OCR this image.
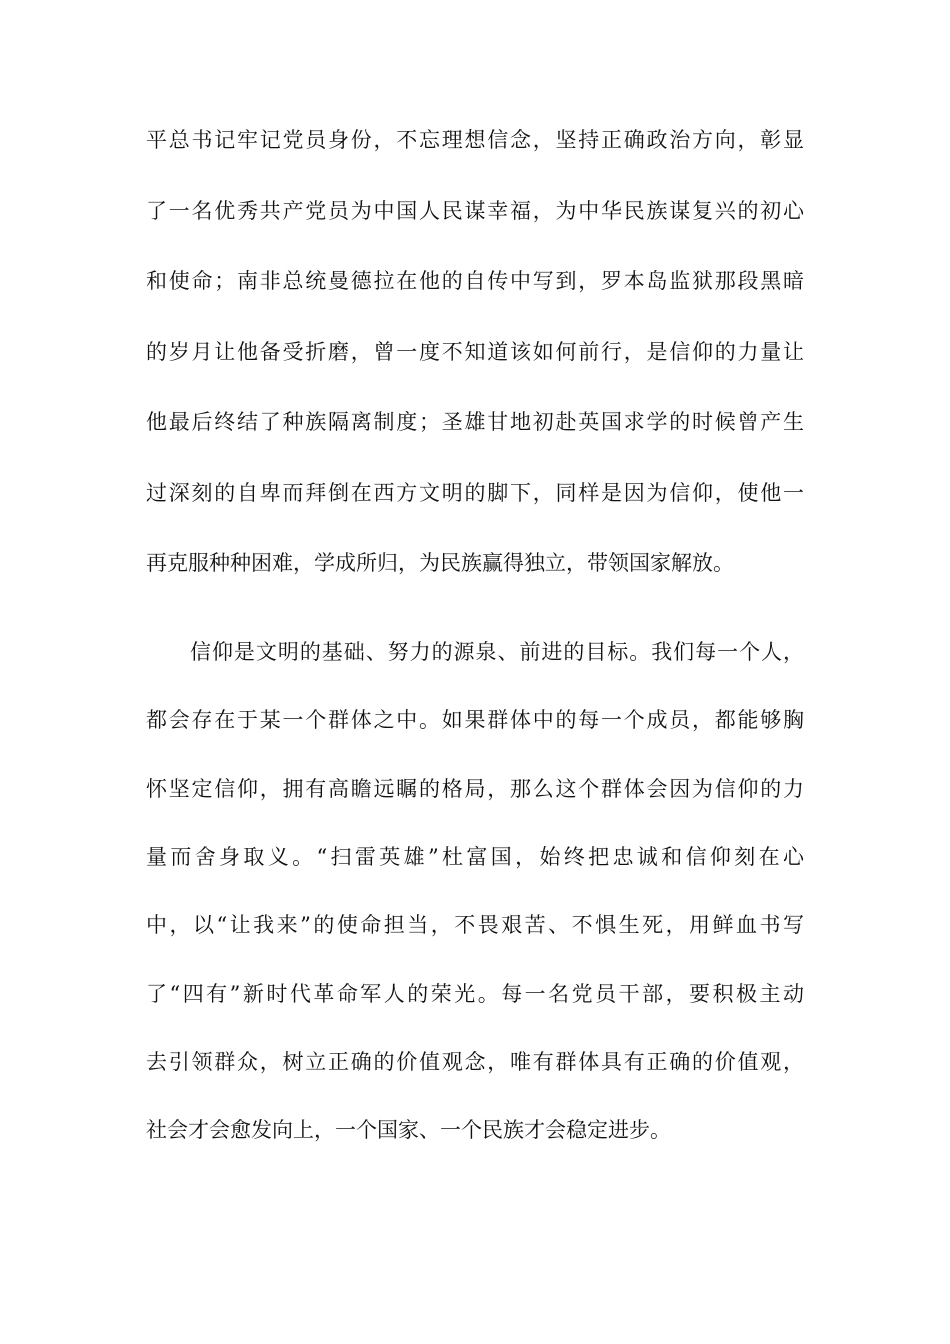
平总书记牢记党员身份，不忘理想信念，坚持正确政治方向，彰显
了一名优秀共产党员为中国人民谋幸福，为中华民族谋复兴的初心
和使命；南非总统曼德拉在他的自传中写到，罗本岛监狱那段黑暗
的岁月让他备受折磨，曾一度不知道该如何前行，是信仰的力量让
他最后终结了种族隔离制度；圣雄甘地初赴英国求学的时候曾产生
过深刻的自卑而拜倒在西方文明的脚下，同样是因为信仰，使他一
再克服种种困难，学成所归，为民族赢得独立，带领国家解放。
信仰是文明的基础、努力的源泉、前进的目标。我们每一个人，
都会存在于某一个群体之中。如果群体中的每一个成员，都能够胸
怀坚定信仰，拥有高瞻远瞩的格局，那么这个群体会因为信仰的力
量而舍身取义。“扫雷英雄”杜富国，始终把忠诚和信仰刻在心
中，以“让我来”的使命担当，不畏艰苦、不惧生死，用鲜血书写
了“四有”新时代革命军人的荣光。每一名党员干部，要积极主动
去引领群众，树立正确的价值观念，唯有群体具有正确的价值观，
社会才会愈发向上，一个国家、一个民族才会稳定进步。
